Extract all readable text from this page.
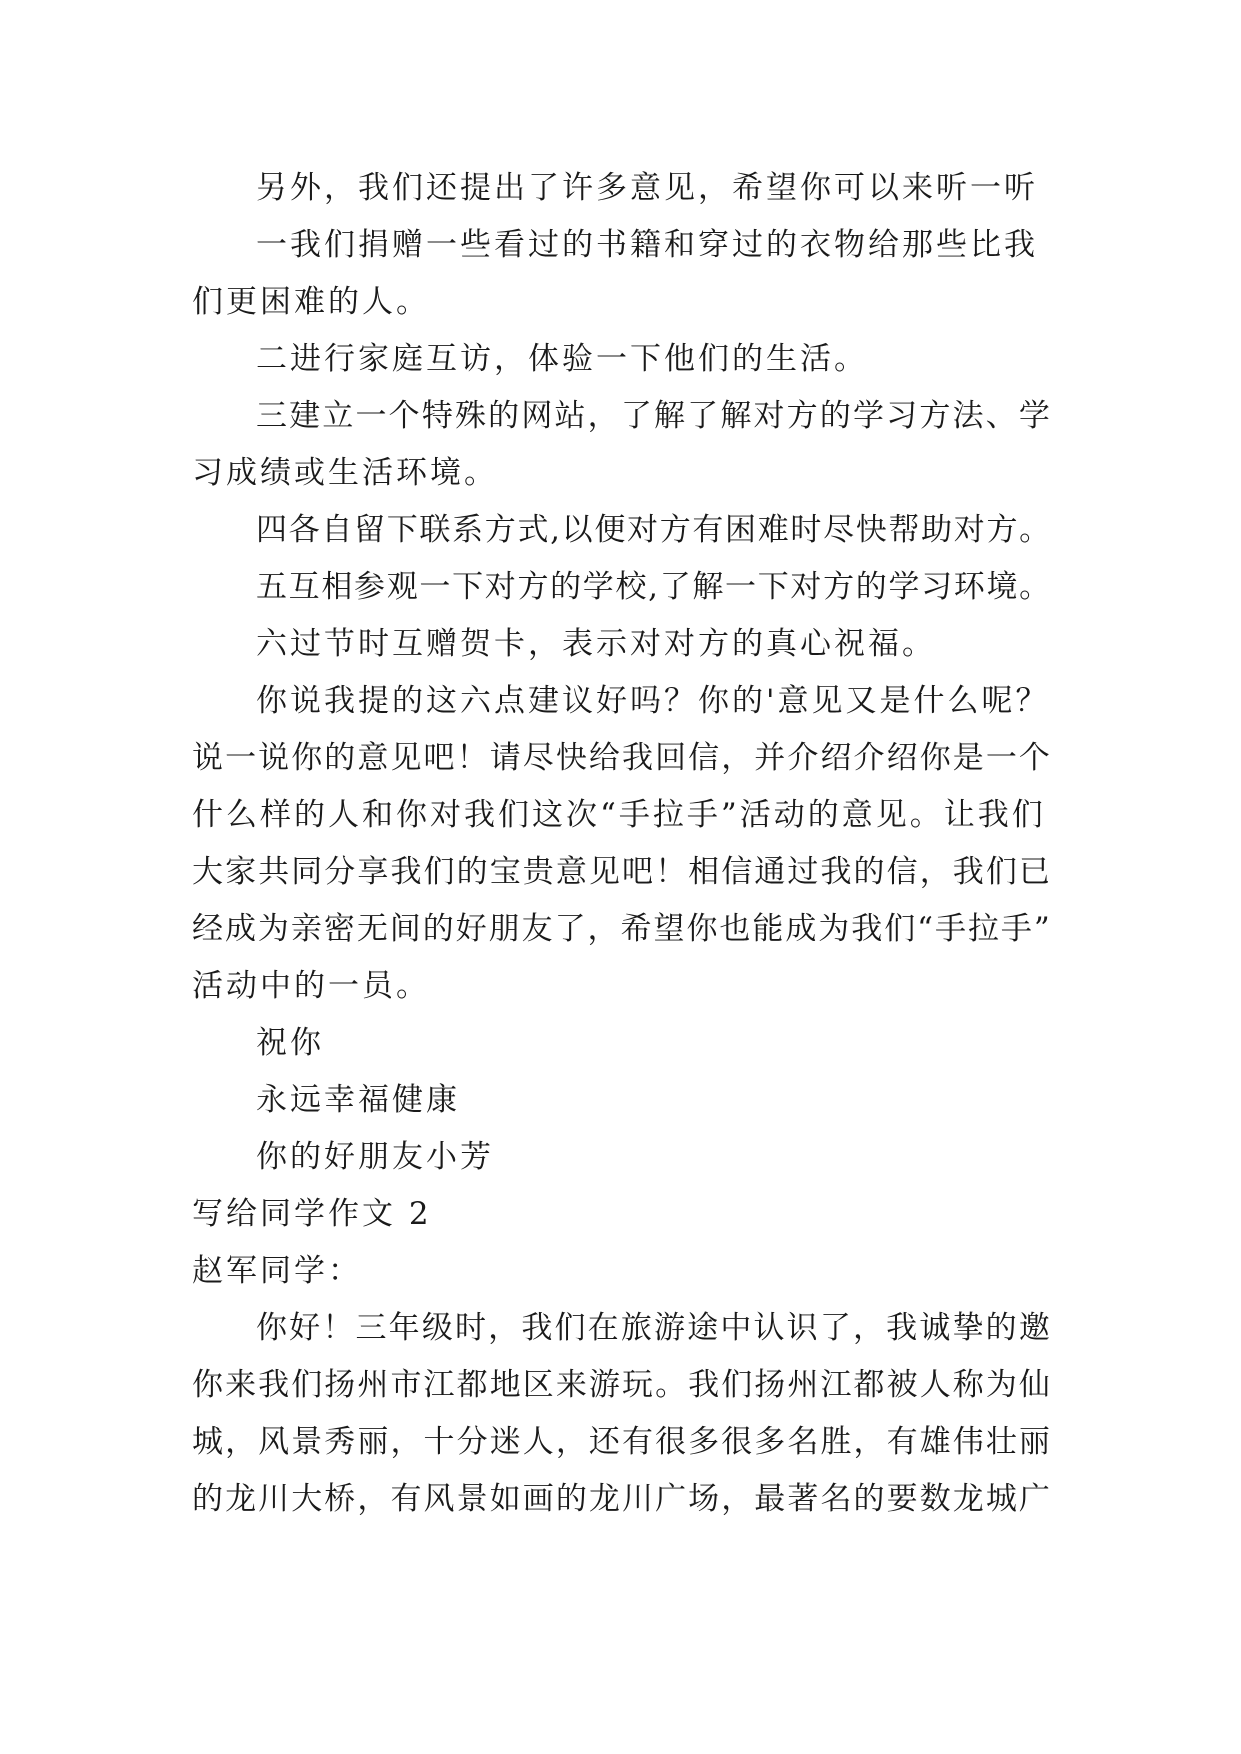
另外，我们还提出了许多意见，希望你可以来听一听
一我们捐赠一些看过的书籍和穿过的衣物给那些比我
们更困难的人。
二进行家庭互访，体验一下他们的生活。
三建立一个特殊的网站，了解了解对方的学习方法、学
习成绩或生活环境。
四各自留下联系方式,以便对方有困难时尽快帮助对方。
五互相参观一下对方的学校,了解一下对方的学习环境。
六过节时互赠贺卡，表示对对方的真心祝福。
你说我提的这六点建议好吗？你的'意见又是什么呢？
说一说你的意见吧！请尽快给我回信，并介绍介绍你是一个
什么样的人和你对我们这次“手拉手”活动的意见。让我们
大家共同分享我们的宝贵意见吧！相信通过我的信，我们已
经成为亲密无间的好朋友了，希望你也能成为我们“手拉手”
活动中的一员。
祝你
永远幸福健康
你的好朋友小芳
写给同学作文 2
赵军同学：
你好！三年级时，我们在旅游途中认识了，我诚挚的邀
你来我们扬州市江都地区来游玩。我们扬州江都被人称为仙
城，风景秀丽，十分迷人，还有很多很多名胜，有雄伟壮丽
的龙川大桥，有风景如画的龙川广场，最著名的要数龙城广
